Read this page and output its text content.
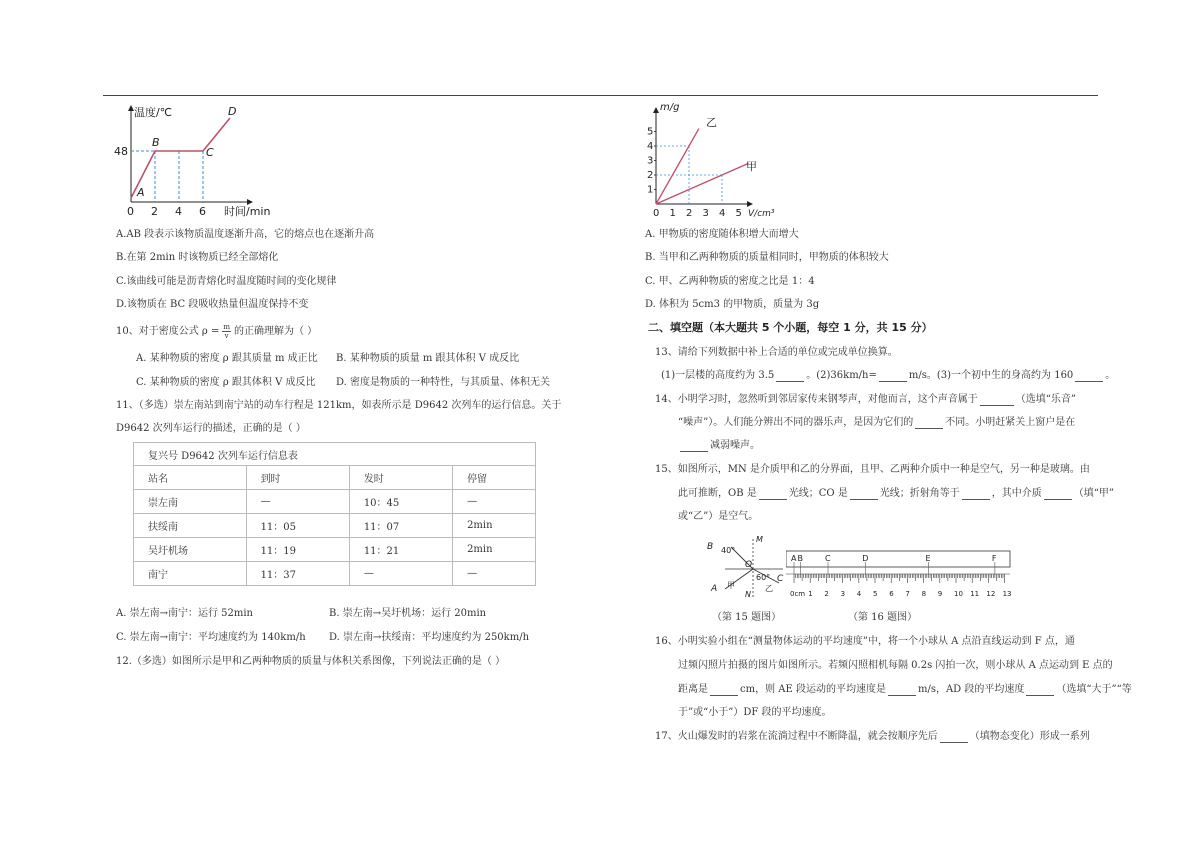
温度/℃
48
0 2 4 6 时间/min
A
B
C
D
A.AB 段表示该物质温度逐渐升高，它的熔点也在逐渐升高
B.在第 2min 时该物质已经全部熔化
C.该曲线可能是沥青熔化时温度随时间的变化规律
D.该物质在 BC 段吸收热量但温度保持不变
10、对于密度公式 $\rho = \frac{m}{v}$ 的正确理解为（ ）
A. 某种物质的密度 ρ 跟其质量 m 成正比 B. 某种物质的质量 m 跟其体积 V 成反比
C. 某种物质的密度 ρ 跟其体积 V 成反比 D. 密度是物质的一种特性，与其质量、体积无关
11、（多选）崇左南站到南宁站的动车行程是 121km，如表所示是 D9642 次列车的运行信息。关于
D9642 次列车运行的描述，正确的是（ ）
复兴号 D9642 次列车运行信息表			
站名	到时	发时	停留
崇左南	—	10：45	—
扶绥南	11：05	11：07	2min
吴圩机场	11：19	11：21	2min
南宁	11：37	—	—
A. 崇左南→南宁：运行 52min	B. 崇左南→吴圩机场：运行 20min
C. 崇左南→南宁：平均速度约为 140km/h D. 崇左南→扶绥南：平均速度约为 250km/h
12.（多选）如图所示是甲和乙两种物质的质量与体积关系图像，下列说法正确的是（ ）
1
2
3
4
5
0 1 2 3 4 5
m/g
V/cm³
乙
甲
A. 甲物质的密度随体积增大而增大
B. 当甲和乙两种物质的质量相同时，甲物质的体积较大
C. 甲、乙两种物质的密度之比是 1：4
D. 体积为 5cm3 的甲物质，质量为 3g
二、填空题（本大题共 5 个小题，每空 1 分，共 15 分）
13、请给下列数据中补上合适的单位或完成单位换算。
(1)一层楼的高度约为 3.5	。(2)36km/h=	m/s。(3)一个初中生的身高约为 160	。
14、小明学习时，忽然听到邻居家传来钢琴声，对他而言，这个声音属于	（选填“乐音”
“噪声”）。人们能分辨出不同的器乐声，是因为它们的	不同。小明赶紧关上窗户是在
减弱噪声。
15、如图所示，MN 是介质甲和乙的分界面，且甲、乙两种介质中一种是空气，另一种是玻璃。由
此可推断，OB 是	光线；CO 是	光线；折射角等于	，其中介质	（填“甲”
或“乙”）是空气。
B 40°
M
O
60°
A 甲
N
C
乙
A B	C	D	E	F
0cm 1 2 3 4 5 6 7 8 9 10 11 12 13
（第 15 题图）	（第 16 题图）
16、小明实验小组在“测量物体运动的平均速度”中，将一个小球从 A 点沿直线运动到 F 点，通
过频闪照片拍摄的图片如图所示。若频闪照相机每隔 0.2s 闪拍一次，则小球从 A 点运动到 E 点的
距离是	cm，则 AE 段运动的平均速度是	m/s，AD 段的平均速度	（选填“大于”“等
于”或“小于”）DF 段的平均速度。
17、火山爆发时的岩浆在流淌过程中不断降温，就会按顺序先后	（填物态变化）形成一系列
